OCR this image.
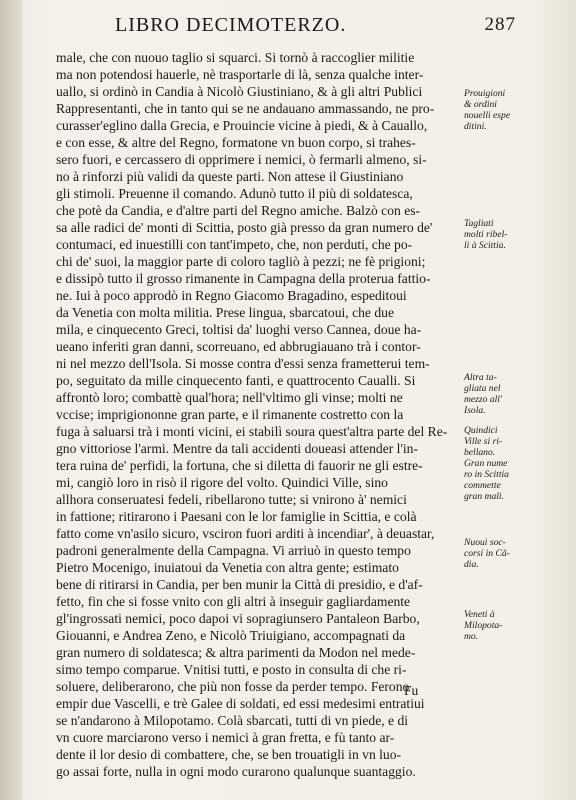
LIBRO DECIMOTERZO.	287
male, che con nuouo taglio si squarci. Si tornò à raccoglier militie
ma non potendosi hauerle, nè trasportarle di là, senza qualche inter-
uallo, si ordinò in Candia à Nicolò Giustiniano, & à gli altri Publici
Rappresentanti, che in tanto qui se ne andauano ammassando, ne pro-
curasser'eglino dalla Grecia, e Prouincie vicine à piedi, & à Cauallo,
e con esse, & altre del Regno, formatone vn buon corpo, si trahes-
sero fuori, e cercassero di opprimere i nemici, ò fermarli almeno, si-
no à rinforzi più validi da queste parti. Non attese il Giustiniano
gli stimoli. Preuenne il comando. Adunò tutto il più di soldatesca,
che potè da Candia, e d'altre parti del Regno amiche. Balzò con es-
sa alle radici de' monti di Scittia, posto già presso da gran numero de'
contumaci, ed inuestilli con tant'impeto, che, non perduti, che po-
chi de' suoi, la maggior parte di coloro tagliò à pezzi; ne fè prigioni;
e dissipò tutto il grosso rimanente in Campagna della proterua fattio-
ne. Iui à poco approdò in Regno Giacomo Bragadino, espeditoui
da Venetia con molta militia. Prese lingua, sbarcatoui, che due
mila, e cinquecento Greci, toltisi da' luoghi verso Cannea, doue ha-
ueano inferiti gran danni, scorreuano, ed abbrugiauano trà i contor-
ni nel mezzo dell'Isola. Si mosse contra d'essi senza frametterui tem-
po, seguitato da mille cinquecento fanti, e quattrocento Caualli. Si
affrontò loro; combattè qual'hora; nell'vltimo gli vinse; molti ne
vccise; imprigiononne gran parte, e il rimanente costretto con la
fuga à saluarsi trà i monti vicini, ei stabilì soura quest'altra parte del Re-
gno vittoriose l'armi. Mentre da tali accidenti doueasi attender l'in-
tera ruina de' perfidi, la fortuna, che si diletta di fauorir ne gli estre-
mi, cangiò loro in risò il rigore del volto. Quindici Ville, sino
allhora conseruatesi fedeli, ribellarono tutte; si vnirono à' nemici
in fattione; ritirarono i Paesani con le lor famiglie in Scittia, e colà
fatto come vn'asilo sicuro, vsciron fuori arditi à incendiar', à deuastar,
padroni generalmente della Campagna. Vi arriuò in questo tempo
Pietro Mocenigo, inuiatoui da Venetia con altra gente; estimato
bene di ritirarsi in Candia, per ben munir la Città di presidio, e d'af-
fetto, fin che si fosse vnito con gli altri à inseguir gagliardamente
gl'ingrossati nemici, poco dapoi vi sopragiunsero Pantaleon Barbo,
Giouanni, e Andrea Zeno, e Nicolò Triuigiano, accompagnati da
gran numero di soldatesca; & altra parimenti da Modon nel mede-
simo tempo comparue. Vnitisi tutti, e posto in consulta di che ri-
soluere, deliberarono, che più non fosse da perder tempo. Ferono
empir due Vascelli, e trè Galee di soldati, ed essi medesimi entratiui
se n'andarono à Milopotamo. Colà sbarcati, tutti di vn piede, e di
vn cuore marciarono verso i nemici à gran fretta, e fù tanto ar-
dente il lor desio di combattere, che, se ben trouatigli in vn luo-
go assai forte, nulla in ogni modo curarono qualunque suantaggio.
Prouigioni
& ordini
nouelli espe
ditini.
Tagliati
molti ribel-
li à Scittia.
Altra ta-
gliata nel
mezzo all'
Isola.
Quindici
Ville si ri-
bellano.
Gran nume
ro in Scittia
commette
gran mali.
Nuoui soc-
corsi in Cã-
dia.
Veneti à
Milopota-
mo.
Fu
